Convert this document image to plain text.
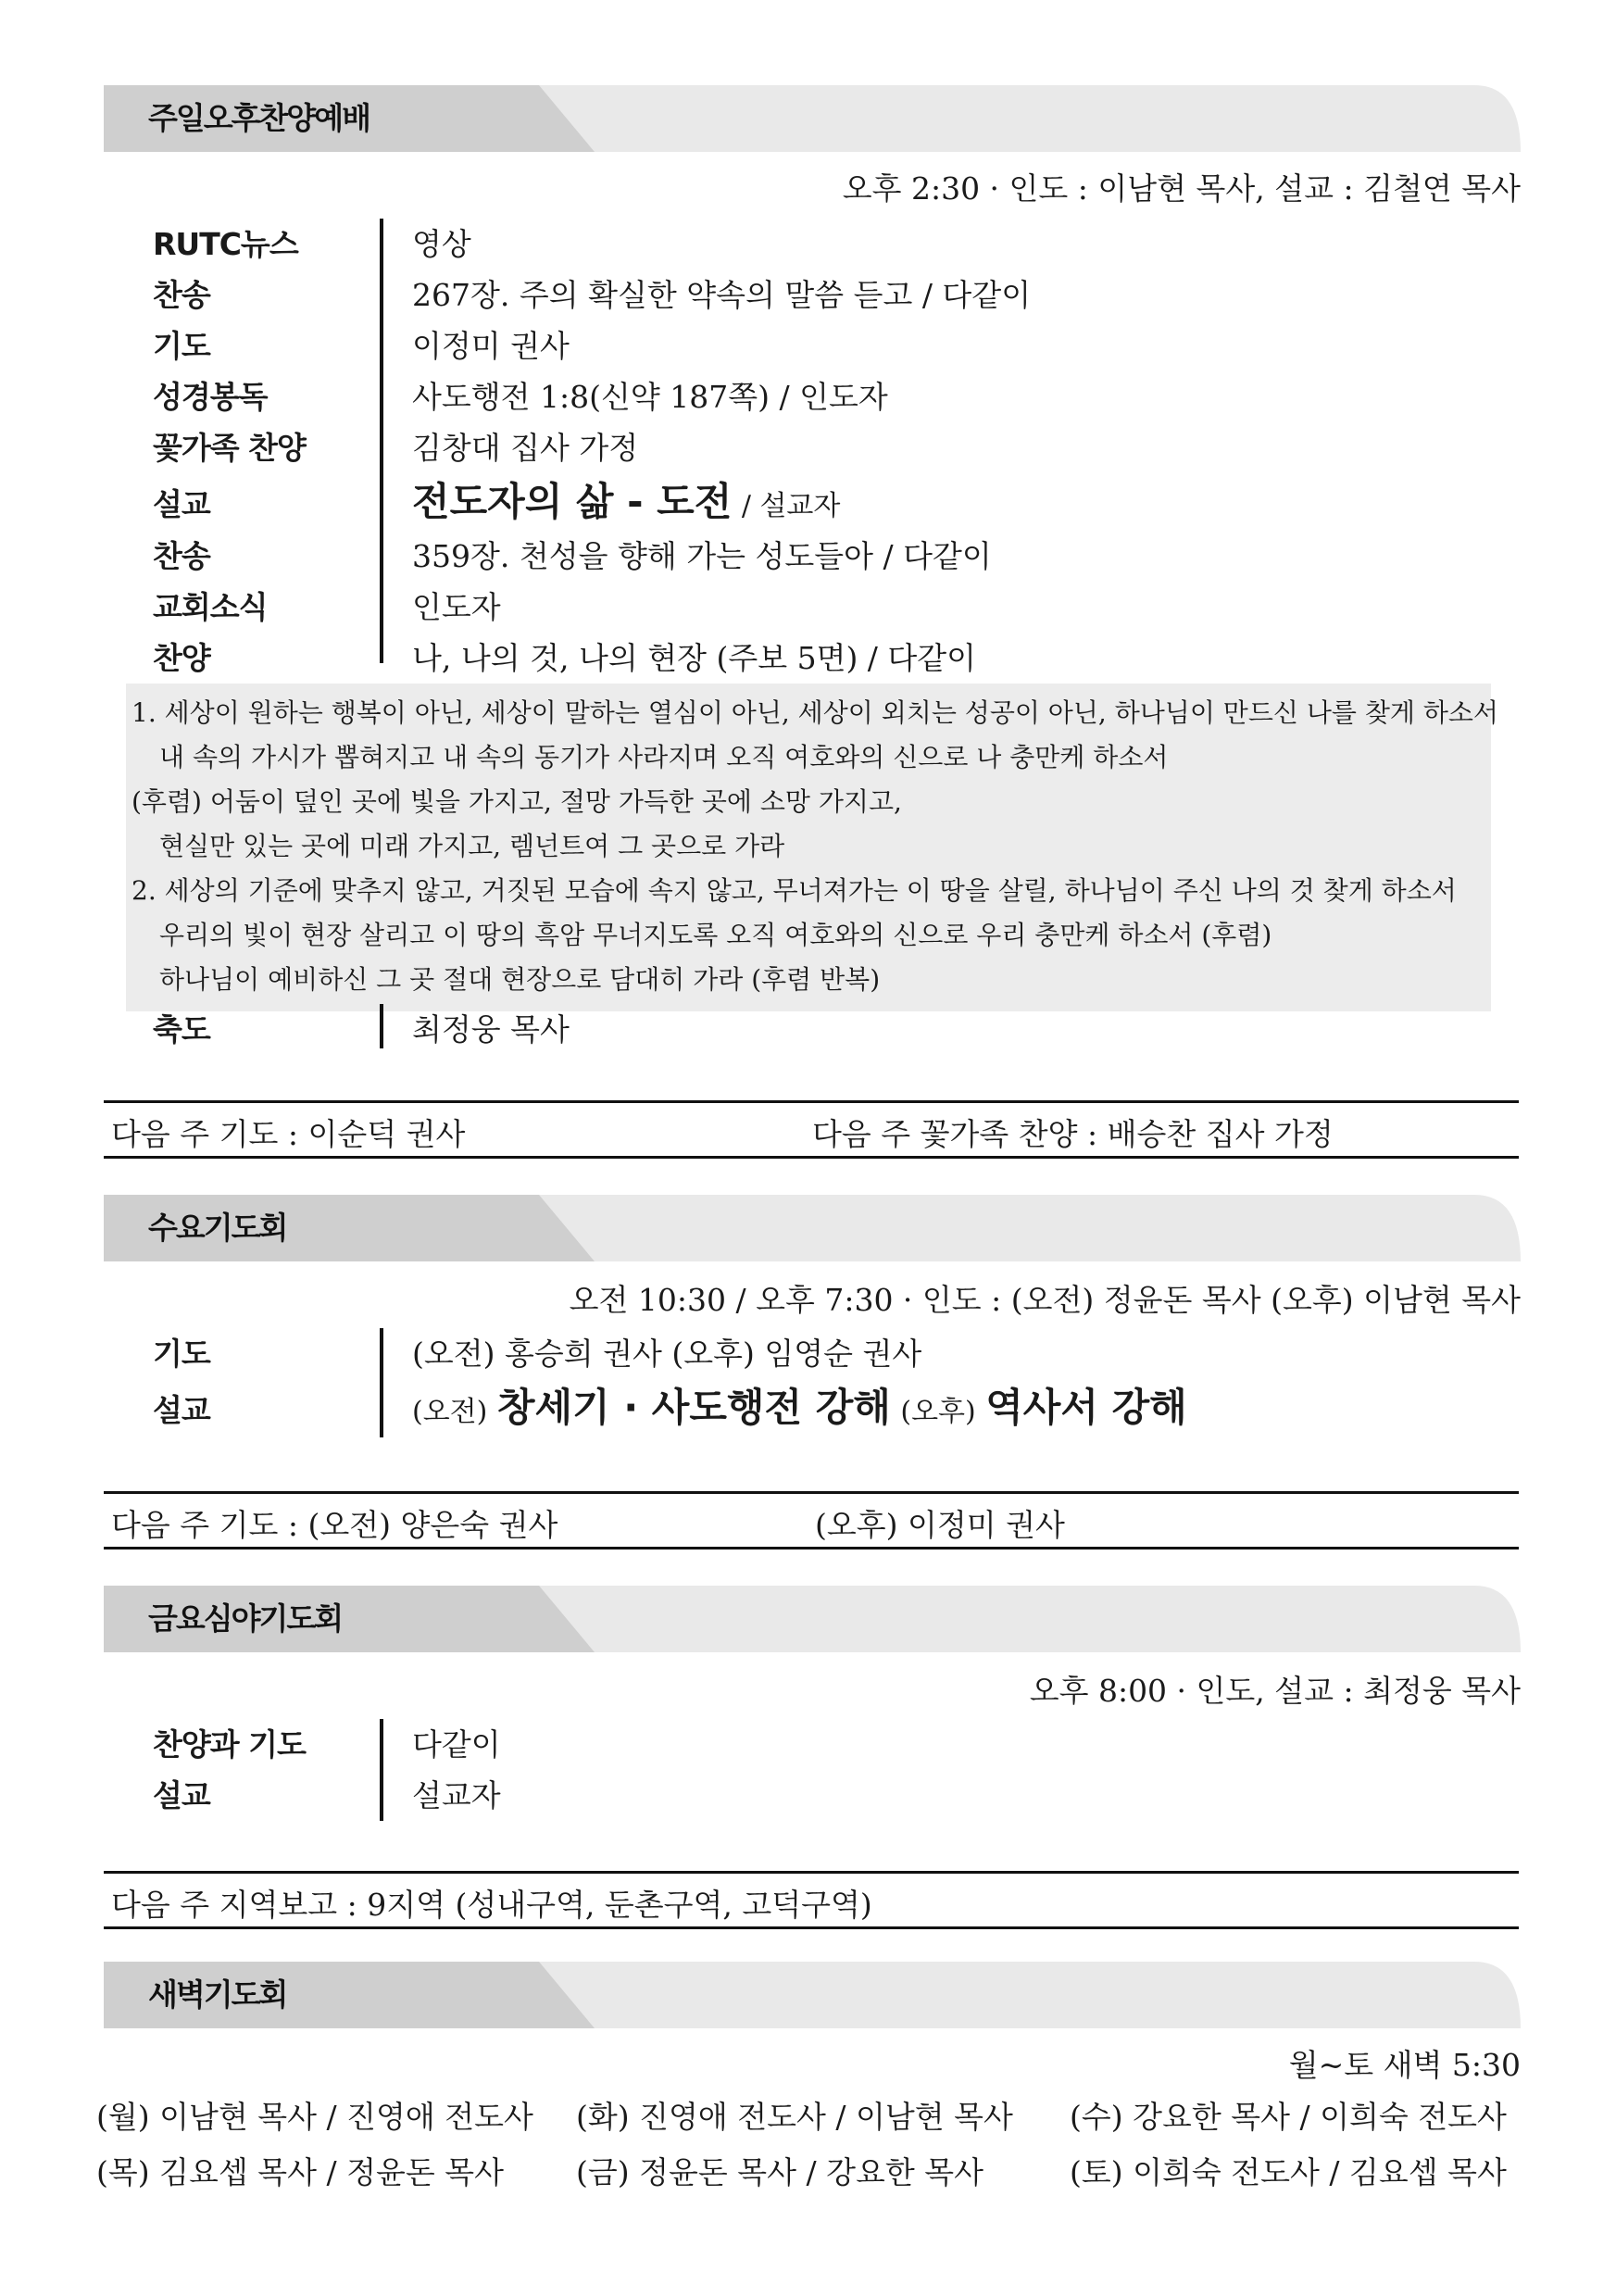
주일오후찬양예배
오후 2:30 · 인도 : 이남현 목사, 설교 : 김철연 목사
RUTC뉴스	영상
찬송	267장. 주의 확실한 약속의 말씀 듣고 / 다같이
기도	이정미 권사
성경봉독	사도행전 1:8(신약 187쪽) / 인도자
꽃가족 찬양	김창대 집사 가정
설교	전도자의 삶 - 도전 / 설교자
찬송	359장. 천성을 향해 가는 성도들아 / 다같이
교회소식	인도자
찬양	나, 나의 것, 나의 현장 (주보 5면) / 다같이
1. 세상이 원하는 행복이 아닌, 세상이 말하는 열심이 아닌, 세상이 외치는 성공이 아닌, 하나님이 만드신 나를 찾게 하소서
내 속의 가시가 뽑혀지고 내 속의 동기가 사라지며 오직 여호와의 신으로 나 충만케 하소서
(후렴) 어둠이 덮인 곳에 빛을 가지고, 절망 가득한 곳에 소망 가지고,
현실만 있는 곳에 미래 가지고, 렘넌트여 그 곳으로 가라
2. 세상의 기준에 맞추지 않고, 거짓된 모습에 속지 않고, 무너져가는 이 땅을 살릴, 하나님이 주신 나의 것 찾게 하소서
우리의 빛이 현장 살리고 이 땅의 흑암 무너지도록 오직 여호와의 신으로 우리 충만케 하소서 (후렴)
하나님이 예비하신 그 곳 절대 현장으로 담대히 가라 (후렴 반복)
축도	최정웅 목사
다음 주 기도 : 이순덕 권사	다음 주 꽃가족 찬양 : 배승찬 집사 가정
수요기도회
오전 10:30 / 오후 7:30 · 인도 : (오전) 정윤돈 목사 (오후) 이남현 목사
기도	(오전) 홍승희 권사 (오후) 임영순 권사
설교	(오전) 창세기 · 사도행전 강해 (오후) 역사서 강해
다음 주 기도 : (오전) 양은숙 권사	(오후) 이정미 권사
금요심야기도회
오후 8:00 · 인도, 설교 : 최정웅 목사
찬양과 기도	다같이
설교	설교자
다음 주 지역보고 : 9지역 (성내구역, 둔촌구역, 고덕구역)
새벽기도회
월~토 새벽 5:30
(월) 이남현 목사 / 진영애 전도사 (화) 진영애 전도사 / 이남현 목사 (수) 강요한 목사 / 이희숙 전도사
(목) 김요셉 목사 / 정윤돈 목사 (금) 정윤돈 목사 / 강요한 목사	(토) 이희숙 전도사 / 김요셉 목사
